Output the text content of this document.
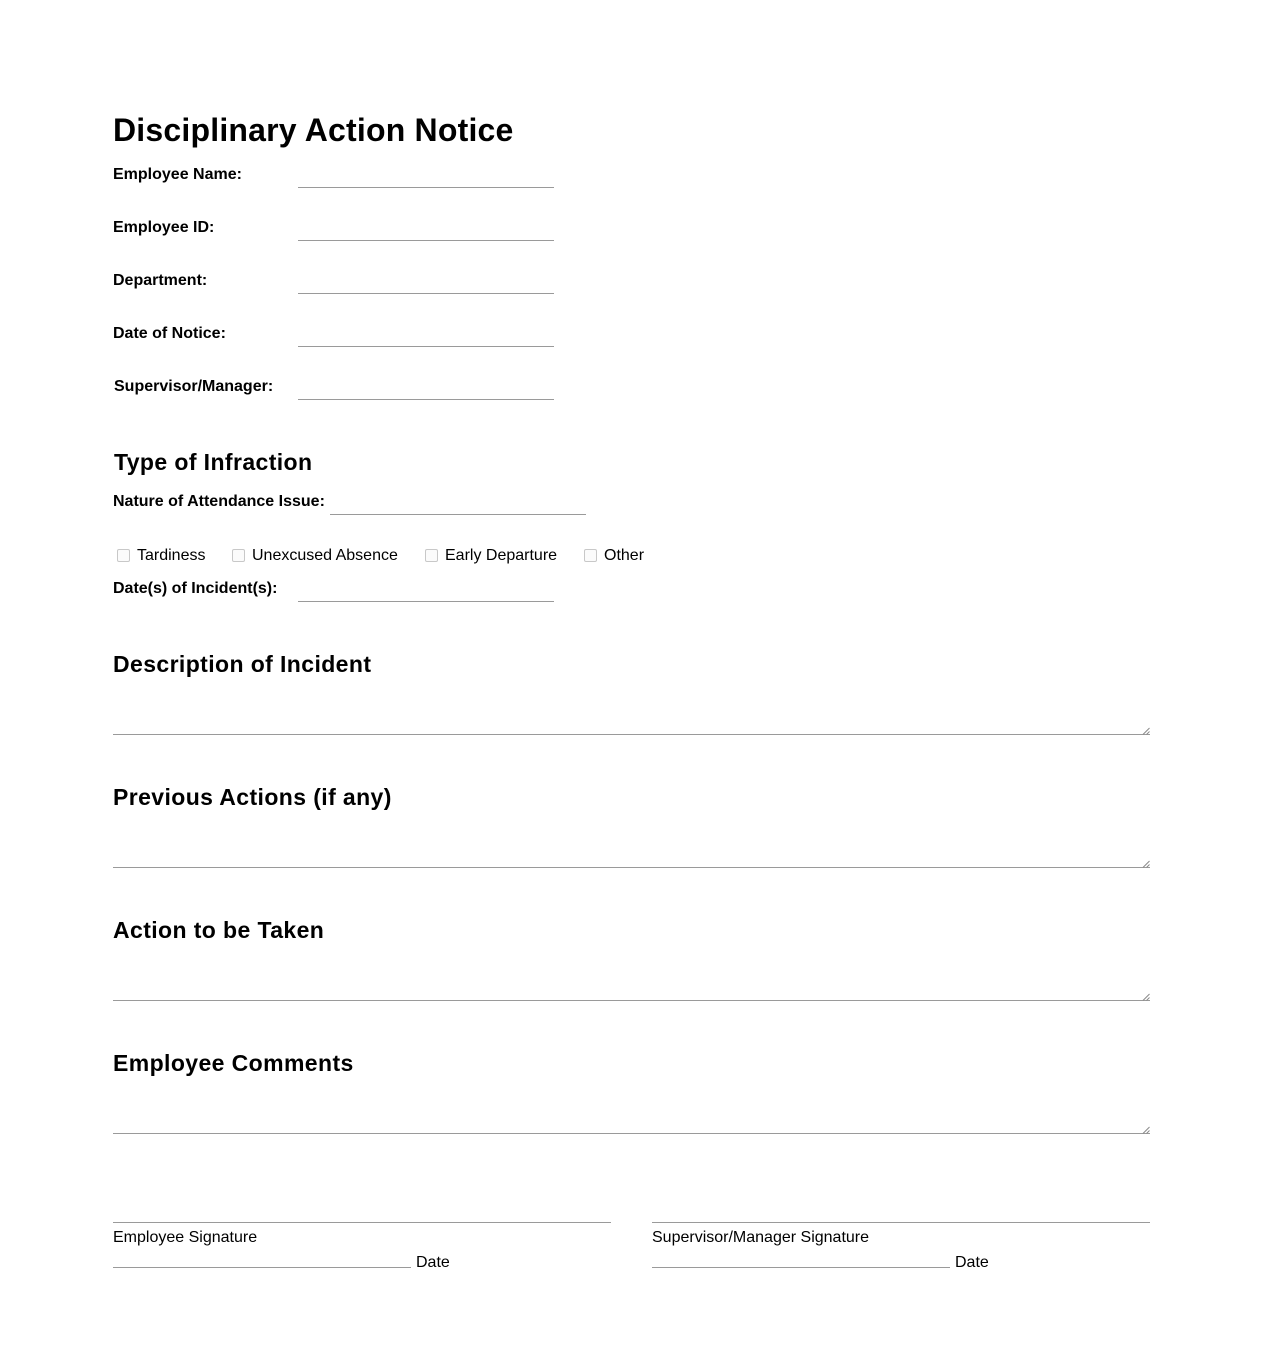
Disciplinary Action Notice
Employee Name:
Employee ID:
Department:
Date of Notice:
Supervisor/Manager:
Type of Infraction
Nature of Attendance Issue:
Tardiness	Unexcused Absence	Early Departure	Other
Date(s) of Incident(s):
Description of Incident
Previous Actions (if any)
Action to be Taken
Employee Comments
Employee Signature
Date
Supervisor/Manager Signature
Date
